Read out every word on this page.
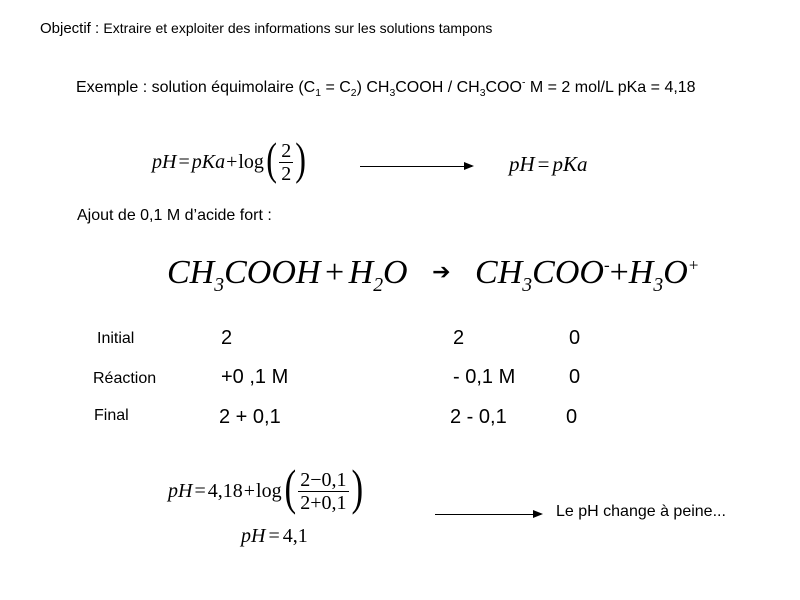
Objectif : Extraire et exploiter des informations sur les solutions tampons
Exemple : solution équimolaire $(C_1 = C_2)$ $CH_3COOH / CH_3COO^-$ M = 2 mol/L pKa = 4,18
pH = pKa + log ( $\frac{2}{2}$ )	pH = pKa
Ajout de 0,1 M d’acide fort :
$CH_3COOH + H_2O$ ➔ $CH_3COO^-+H_3O^+$
Initial	2	2	0
Réaction	+0 ,1 M	- 0,1 M	0
Final	2 + 0,1	2 - 0,1	0
pH = 4,18 + log ( $\frac{2-0,1}{2+0,1}$ )
pH = 4,1
Le pH change à peine...
